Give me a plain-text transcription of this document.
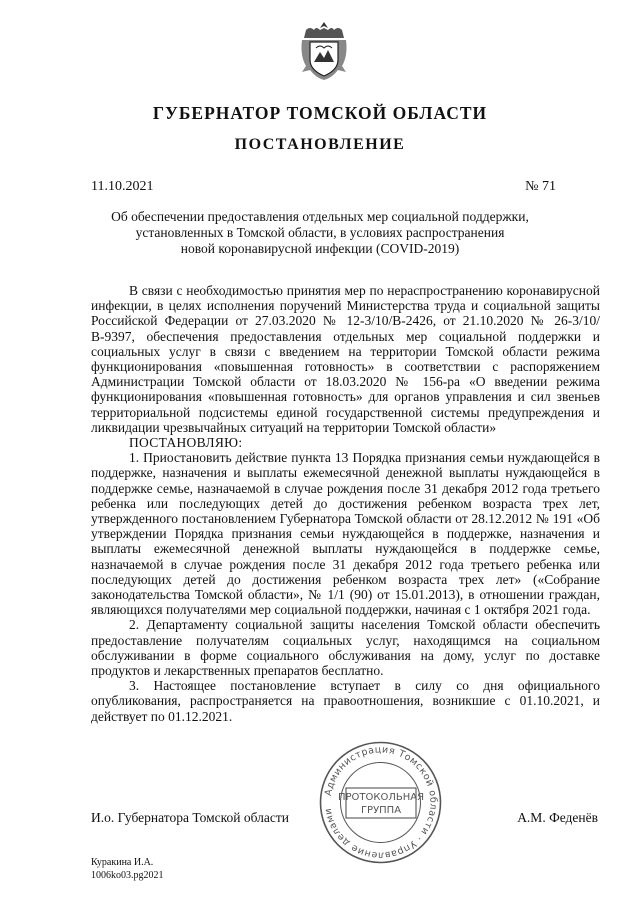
ГУБЕРНАТОР ТОМСКОЙ ОБЛАСТИ
ПОСТАНОВЛЕНИЕ
11.10.2021	№ 71
Об обеспечении предоставления отдельных мер социальной поддержки,
установленных в Томской области, в условиях распространения
новой коронавирусной инфекции (COVID-2019)

В связи с необходимостью принятия мер по нераспространению коронавирусной инфекции, в целях исполнения поручений Министерства труда и социальной защиты Российской Федерации от 27.03.2020 № 12-3/10/В-2426, от 21.10.2020 № 26-3/10/В-9397, обеспечения предоставления отдельных мер социальной поддержки и социальных услуг в связи с введением на территории Томской области режима функционирования «повышенная готовность» в соответствии с распоряжением Администрации Томской области от 18.03.2020 № 156-ра «О введении режима функционирования «повышенная готовность» для органов управления и сил звеньев территориальной подсистемы единой государственной системы предупреждения и ликвидации чрезвычайных ситуаций на территории Томской области»

ПОСТАНОВЛЯЮ:

1. Приостановить действие пункта 13 Порядка признания семьи нуждающейся в поддержке, назначения и выплаты ежемесячной денежной выплаты нуждающейся в поддержке семье, назначаемой в случае рождения после 31 декабря 2012 года третьего ребенка или последующих детей до достижения ребенком возраста трех лет, утвержденного постановлением Губернатора Томской области от 28.12.2012 № 191 «Об утверждении Порядка признания семьи нуждающейся в поддержке, назначения и выплаты ежемесячной денежной выплаты нуждающейся в поддержке семье, назначаемой в случае рождения после 31 декабря 2012 года третьего ребенка или последующих детей до достижения ребенком возраста трех лет» («Собрание законодательства Томской области», № 1/1 (90) от 15.01.2013), в отношении граждан, являющихся получателями мер социальной поддержки, начиная с 1 октября 2021 года.

2. Департаменту социальной защиты населения Томской области обеспечить предоставление получателям социальных услуг, находящимся на социальном обслуживании в форме социального обслуживания на дому, услуг по доставке продуктов и лекарственных препаратов бесплатно.

3. Настоящее постановление вступает в силу со дня официального опубликования, распространяется на правоотношения, возникшие с 01.10.2021, и действует по 01.12.2021.

И.о. Губернатора Томской области	А.М. Феденёв
Администрация Томской области · Управление делами
ПРОТОКОЛЬНАЯ
ГРУППА
Куракина И.А.
1006ko03.pg2021
